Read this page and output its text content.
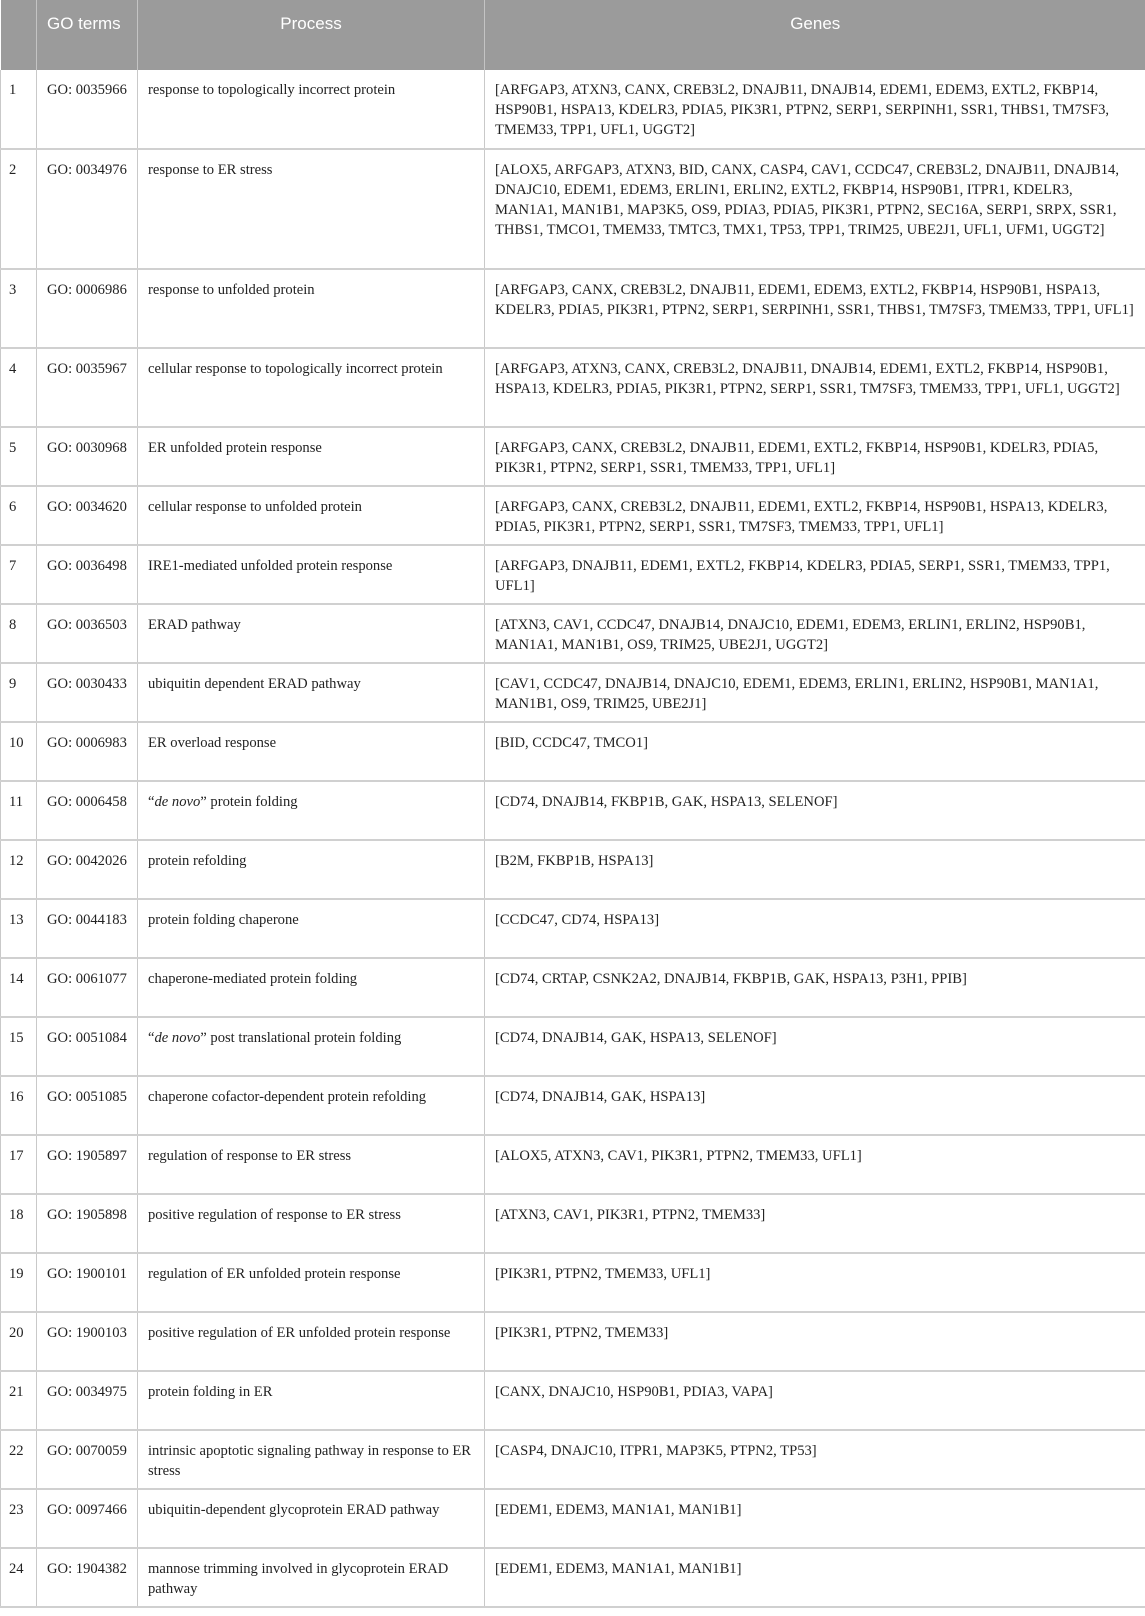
	GO terms	Process	Genes
1	GO: 0035966	response to topologically incorrect protein	[ARFGAP3, ATXN3, CANX, CREB3L2, DNAJB11, DNAJB14, EDEM1, EDEM3, EXTL2, FKBP14, HSP90B1, HSPA13, KDELR3, PDIA5, PIK3R1, PTPN2, SERP1, SERPINH1, SSR1, THBS1, TM7SF3, TMEM33, TPP1, UFL1, UGGT2]
2	GO: 0034976	response to ER stress	[ALOX5, ARFGAP3, ATXN3, BID, CANX, CASP4, CAV1, CCDC47, CREB3L2, DNAJB11, DNAJB14, DNAJC10, EDEM1, EDEM3, ERLIN1, ERLIN2, EXTL2, FKBP14, HSP90B1, ITPR1, KDELR3, MAN1A1, MAN1B1, MAP3K5, OS9, PDIA3, PDIA5, PIK3R1, PTPN2, SEC16A, SERP1, SRPX, SSR1, THBS1, TMCO1, TMEM33, TMTC3, TMX1, TP53, TPP1, TRIM25, UBE2J1, UFL1, UFM1, UGGT2]
3	GO: 0006986	response to unfolded protein	[ARFGAP3, CANX, CREB3L2, DNAJB11, EDEM1, EDEM3, EXTL2, FKBP14, HSP90B1, HSPA13, KDELR3, PDIA5, PIK3R1, PTPN2, SERP1, SERPINH1, SSR1, THBS1, TM7SF3, TMEM33, TPP1, UFL1]
4	GO: 0035967	cellular response to topologically incorrect protein	[ARFGAP3, ATXN3, CANX, CREB3L2, DNAJB11, DNAJB14, EDEM1, EXTL2, FKBP14, HSP90B1, HSPA13, KDELR3, PDIA5, PIK3R1, PTPN2, SERP1, SSR1, TM7SF3, TMEM33, TPP1, UFL1, UGGT2]
5	GO: 0030968	ER unfolded protein response	[ARFGAP3, CANX, CREB3L2, DNAJB11, EDEM1, EXTL2, FKBP14, HSP90B1, KDELR3, PDIA5, PIK3R1, PTPN2, SERP1, SSR1, TMEM33, TPP1, UFL1]
6	GO: 0034620	cellular response to unfolded protein	[ARFGAP3, CANX, CREB3L2, DNAJB11, EDEM1, EXTL2, FKBP14, HSP90B1, HSPA13, KDELR3, PDIA5, PIK3R1, PTPN2, SERP1, SSR1, TM7SF3, TMEM33, TPP1, UFL1]
7	GO: 0036498	IRE1-mediated unfolded protein response	[ARFGAP3, DNAJB11, EDEM1, EXTL2, FKBP14, KDELR3, PDIA5, SERP1, SSR1, TMEM33, TPP1, UFL1]
8	GO: 0036503	ERAD pathway	[ATXN3, CAV1, CCDC47, DNAJB14, DNAJC10, EDEM1, EDEM3, ERLIN1, ERLIN2, HSP90B1, MAN1A1, MAN1B1, OS9, TRIM25, UBE2J1, UGGT2]
9	GO: 0030433	ubiquitin dependent ERAD pathway	[CAV1, CCDC47, DNAJB14, DNAJC10, EDEM1, EDEM3, ERLIN1, ERLIN2, HSP90B1, MAN1A1, MAN1B1, OS9, TRIM25, UBE2J1]
10	GO: 0006983	ER overload response	[BID, CCDC47, TMCO1]
11	GO: 0006458	“de novo” protein folding	[CD74, DNAJB14, FKBP1B, GAK, HSPA13, SELENOF]
12	GO: 0042026	protein refolding	[B2M, FKBP1B, HSPA13]
13	GO: 0044183	protein folding chaperone	[CCDC47, CD74, HSPA13]
14	GO: 0061077	chaperone-mediated protein folding	[CD74, CRTAP, CSNK2A2, DNAJB14, FKBP1B, GAK, HSPA13, P3H1, PPIB]
15	GO: 0051084	“de novo” post translational protein folding	[CD74, DNAJB14, GAK, HSPA13, SELENOF]
16	GO: 0051085	chaperone cofactor-dependent protein refolding	[CD74, DNAJB14, GAK, HSPA13]
17	GO: 1905897	regulation of response to ER stress	[ALOX5, ATXN3, CAV1, PIK3R1, PTPN2, TMEM33, UFL1]
18	GO: 1905898	positive regulation of response to ER stress	[ATXN3, CAV1, PIK3R1, PTPN2, TMEM33]
19	GO: 1900101	regulation of ER unfolded protein response	[PIK3R1, PTPN2, TMEM33, UFL1]
20	GO: 1900103	positive regulation of ER unfolded protein response	[PIK3R1, PTPN2, TMEM33]
21	GO: 0034975	protein folding in ER	[CANX, DNAJC10, HSP90B1, PDIA3, VAPA]
22	GO: 0070059	intrinsic apoptotic signaling pathway in response to ER stress	[CASP4, DNAJC10, ITPR1, MAP3K5, PTPN2, TP53]
23	GO: 0097466	ubiquitin-dependent glycoprotein ERAD pathway	[EDEM1, EDEM3, MAN1A1, MAN1B1]
24	GO: 1904382	mannose trimming involved in glycoprotein ERAD pathway	[EDEM1, EDEM3, MAN1A1, MAN1B1]
